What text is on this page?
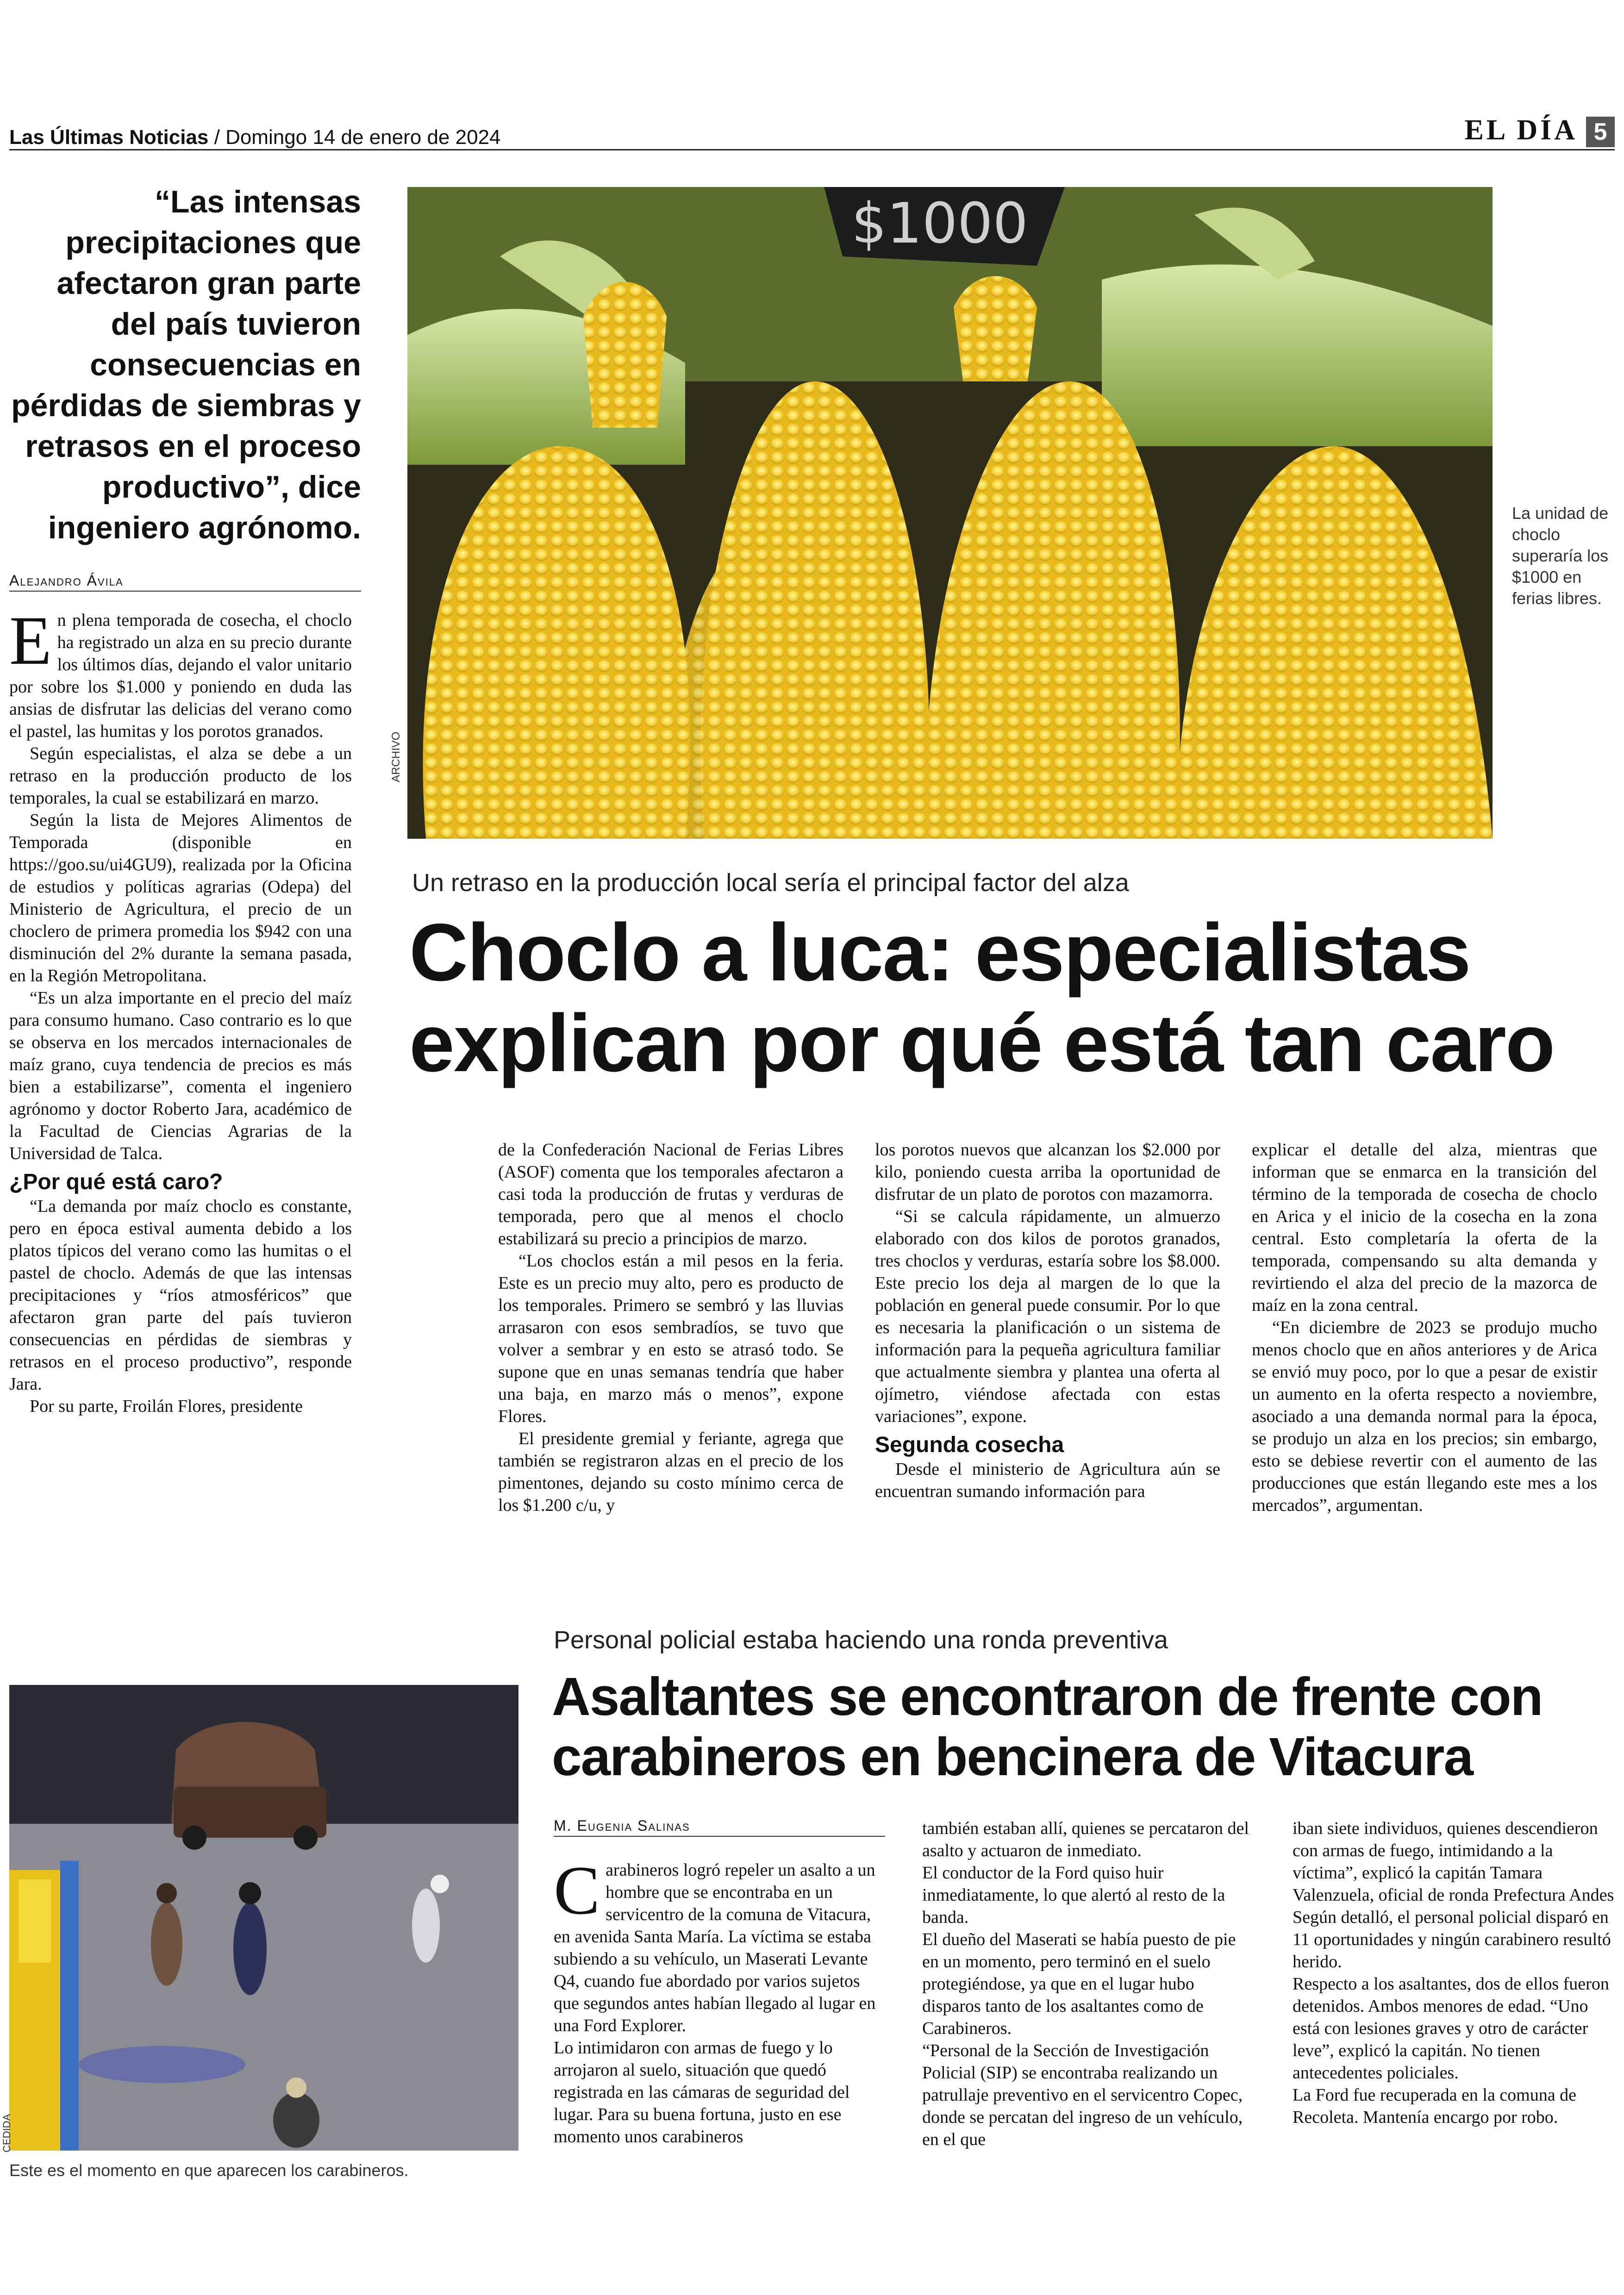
Las Últimas Noticias / Domingo 14 de enero de 2024	EL DÍA 5
“Las intensas precipitaciones que afectaron gran parte del país tuvieron consecuencias en pérdidas de siembras y retrasos en el proceso productivo”, dice ingeniero agrónomo.
Alejandro Ávila

En plena temporada de cosecha, el choclo ha registrado un alza en su precio durante los últimos días, dejando el valor unitario por sobre los $1.000 y poniendo en duda las ansias de disfrutar las delicias del verano como el pastel, las humitas y los porotos granados.

Según especialistas, el alza se debe a un retraso en la producción producto de los temporales, la cual se estabilizará en marzo.

Según la lista de Mejores Alimentos de Temporada (disponible en https://goo.su/ui4GU9), realizada por la Oficina de estudios y políticas agrarias (Odepa) del Ministerio de Agricultura, el precio de un choclero de primera promedia los $942 con una disminución del 2% durante la semana pasada, en la Región Metropolitana.

“Es un alza importante en el precio del maíz para consumo humano. Caso contrario es lo que se observa en los mercados internacionales de maíz grano, cuya tendencia de precios es más bien a estabilizarse”, comenta el ingeniero agrónomo y doctor Roberto Jara, académico de la Facultad de Ciencias Agrarias de la Universidad de Talca.

¿Por qué está caro?

“La demanda por maíz choclo es constante, pero en época estival aumenta debido a los platos típicos del verano como las humitas o el pastel de choclo. Además de que las intensas precipitaciones y “ríos atmosféricos” que afectaron gran parte del país tuvieron consecuencias en pérdidas de siembras y retrasos en el proceso productivo”, responde Jara.

Por su parte, Froilán Flores, presidente

$1000
ARCHIVO
La unidad de choclo superaría los $1000 en ferias libres.
Un retraso en la producción local sería el principal factor del alza
Choclo a luca: especialistas
explican por qué está tan caro

de la Confederación Nacional de Ferias Libres (ASOF) comenta que los temporales afectaron a casi toda la producción de frutas y verduras de temporada, pero que al menos el choclo estabilizará su precio a principios de marzo.

“Los choclos están a mil pesos en la feria. Este es un precio muy alto, pero es producto de los temporales. Primero se sembró y las lluvias arrasaron con esos sembradíos, se tuvo que volver a sembrar y en esto se atrasó todo. Se supone que en unas semanas tendría que haber una baja, en marzo más o menos”, expone Flores.

El presidente gremial y feriante, agrega que también se registraron alzas en el precio de los pimentones, dejando su costo mínimo cerca de los $1.200 c/u, y

los porotos nuevos que alcanzan los $2.000 por kilo, poniendo cuesta arriba la oportunidad de disfrutar de un plato de porotos con mazamorra.

“Si se calcula rápidamente, un almuerzo elaborado con dos kilos de porotos granados, tres choclos y verduras, estaría sobre los $8.000. Este precio los deja al margen de lo que la población en general puede consumir. Por lo que es necesaria la planificación o un sistema de información para la pequeña agricultura familiar que actualmente siembra y plantea una oferta al ojímetro, viéndose afectada con estas variaciones”, expone.

Segunda cosecha

Desde el ministerio de Agricultura aún se encuentran sumando información para

explicar el detalle del alza, mientras que informan que se enmarca en la transición del término de la temporada de cosecha de choclo en Arica y el inicio de la cosecha en la zona central. Esto completaría la oferta de la temporada, compensando su alta demanda y revirtiendo el alza del precio de la mazorca de maíz en la zona central.

“En diciembre de 2023 se produjo mucho menos choclo que en años anteriores y de Arica se envió muy poco, por lo que a pesar de existir un aumento en la oferta respecto a noviembre, asociado a una demanda normal para la época, se produjo un alza en los precios; sin embargo, esto se debiese revertir con el aumento de las producciones que están llegando este mes a los mercados”, argumentan.

Personal policial estaba haciendo una ronda preventiva
Asaltantes se encontraron de frente con
carabineros en bencinera de Vitacura
CEDIDA
Este es el momento en que aparecen los carabineros.
M. Eugenia Salinas

Carabineros logró repeler un asalto a un hombre que se encontraba en un servicentro de la comuna de Vitacura, en avenida Santa María. La víctima se estaba subiendo a su vehículo, un Maserati Levante Q4, cuando fue abordado por varios sujetos que segundos antes habían llegado al lugar en una Ford Explorer.

Lo intimidaron con armas de fuego y lo arrojaron al suelo, situación que quedó registrada en las cámaras de seguridad del lugar. Para su buena fortuna, justo en ese momento unos carabineros

también estaban allí, quienes se percataron del asalto y actuaron de inmediato.

El conductor de la Ford quiso huir inmediatamente, lo que alertó al resto de la banda.

El dueño del Maserati se había puesto de pie en un momento, pero terminó en el suelo protegiéndose, ya que en el lugar hubo disparos tanto de los asaltantes como de Carabineros.

“Personal de la Sección de Investigación Policial (SIP) se encontraba realizando un patrullaje preventivo en el servicentro Copec, donde se percatan del ingreso de un vehículo, en el que

iban siete individuos, quienes descendieron con armas de fuego, intimidando a la víctima”, explicó la capitán Tamara Valenzuela, oficial de ronda Prefectura Andes

Según detalló, el personal policial disparó en 11 oportunidades y ningún carabinero resultó herido.

Respecto a los asaltantes, dos de ellos fueron detenidos. Ambos menores de edad. “Uno está con lesiones graves y otro de carácter leve”, explicó la capitán. No tienen antecedentes policiales.

La Ford fue recuperada en la comuna de Recoleta. Mantenía encargo por robo.
